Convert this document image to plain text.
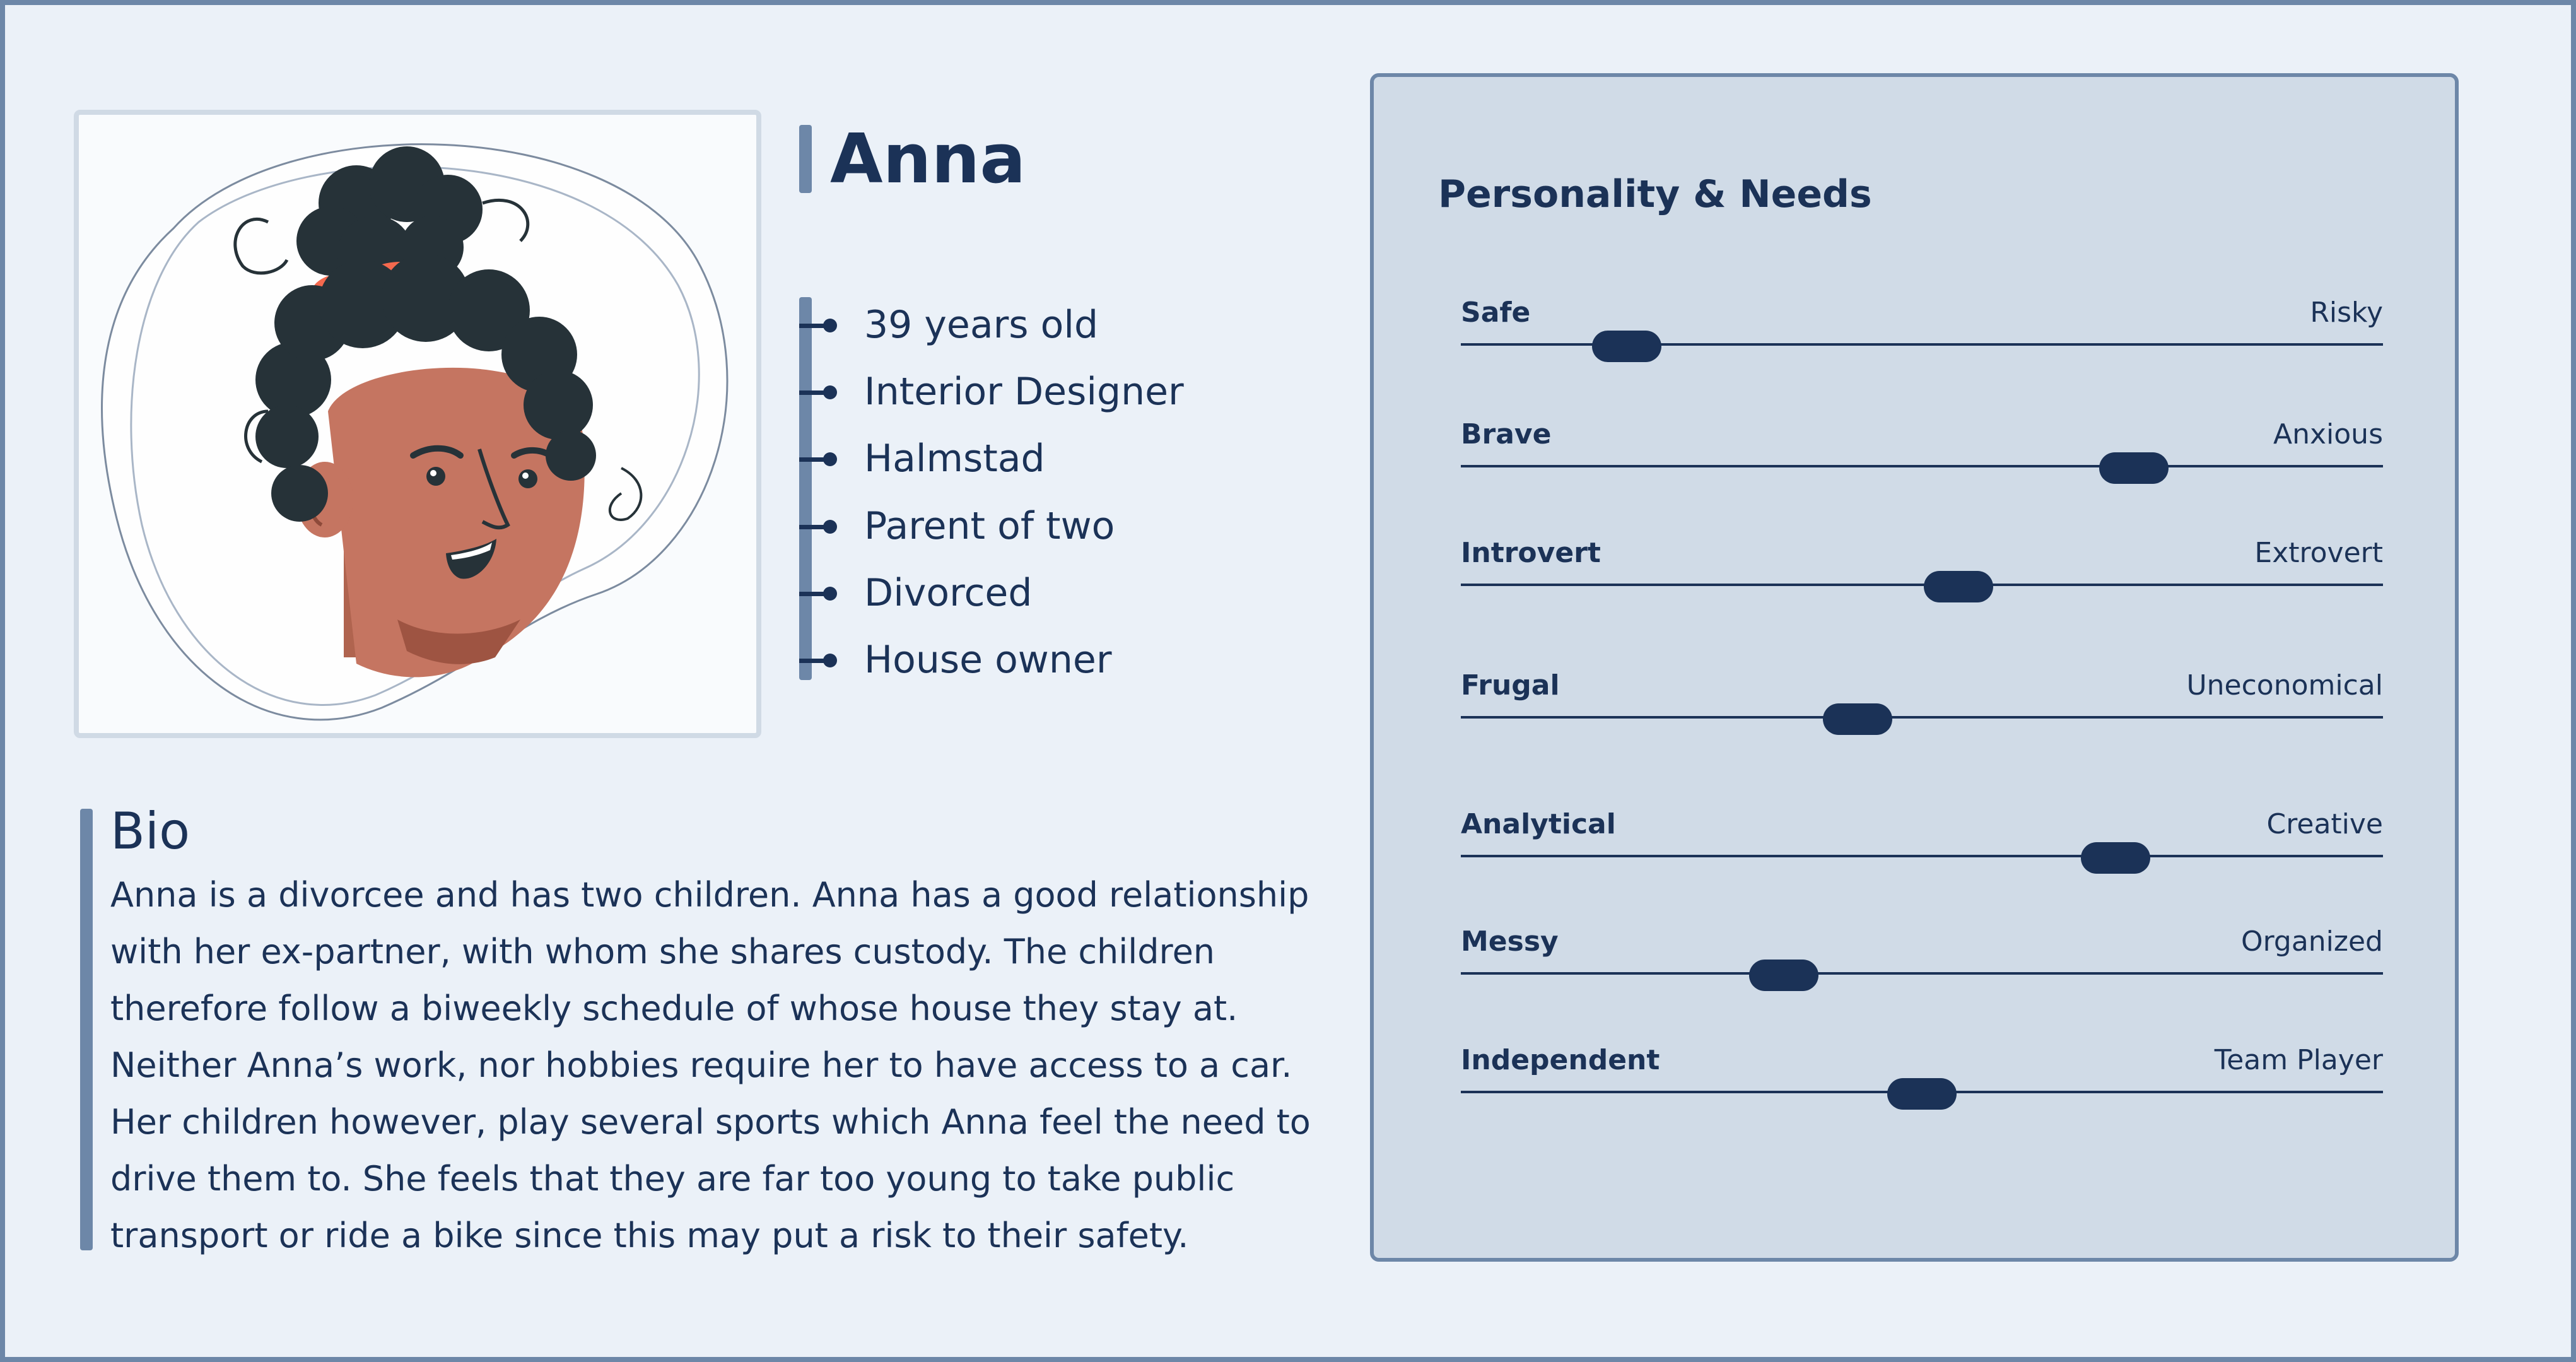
Anna
39 years old
Interior Designer
Halmstad
Parent of two
Divorced
House owner
Bio
Anna is a divorcee and has two children. Anna has a good relationship with her ex-partner, with whom she shares custody. The children therefore follow a biweekly schedule of whose house they stay at. Neither Anna’s work, nor hobbies require her to have access to a car. Her children however, play several sports which Anna feel the need to drive them to. She feels that they are far too young to take public transport or ride a bike since this may put a risk to their safety.
Personality & Needs
Safe	Risky
Brave	Anxious
Introvert	Extrovert
Frugal	Uneconomical
Analytical	Creative
Messy	Organized
Independent	Team Player
